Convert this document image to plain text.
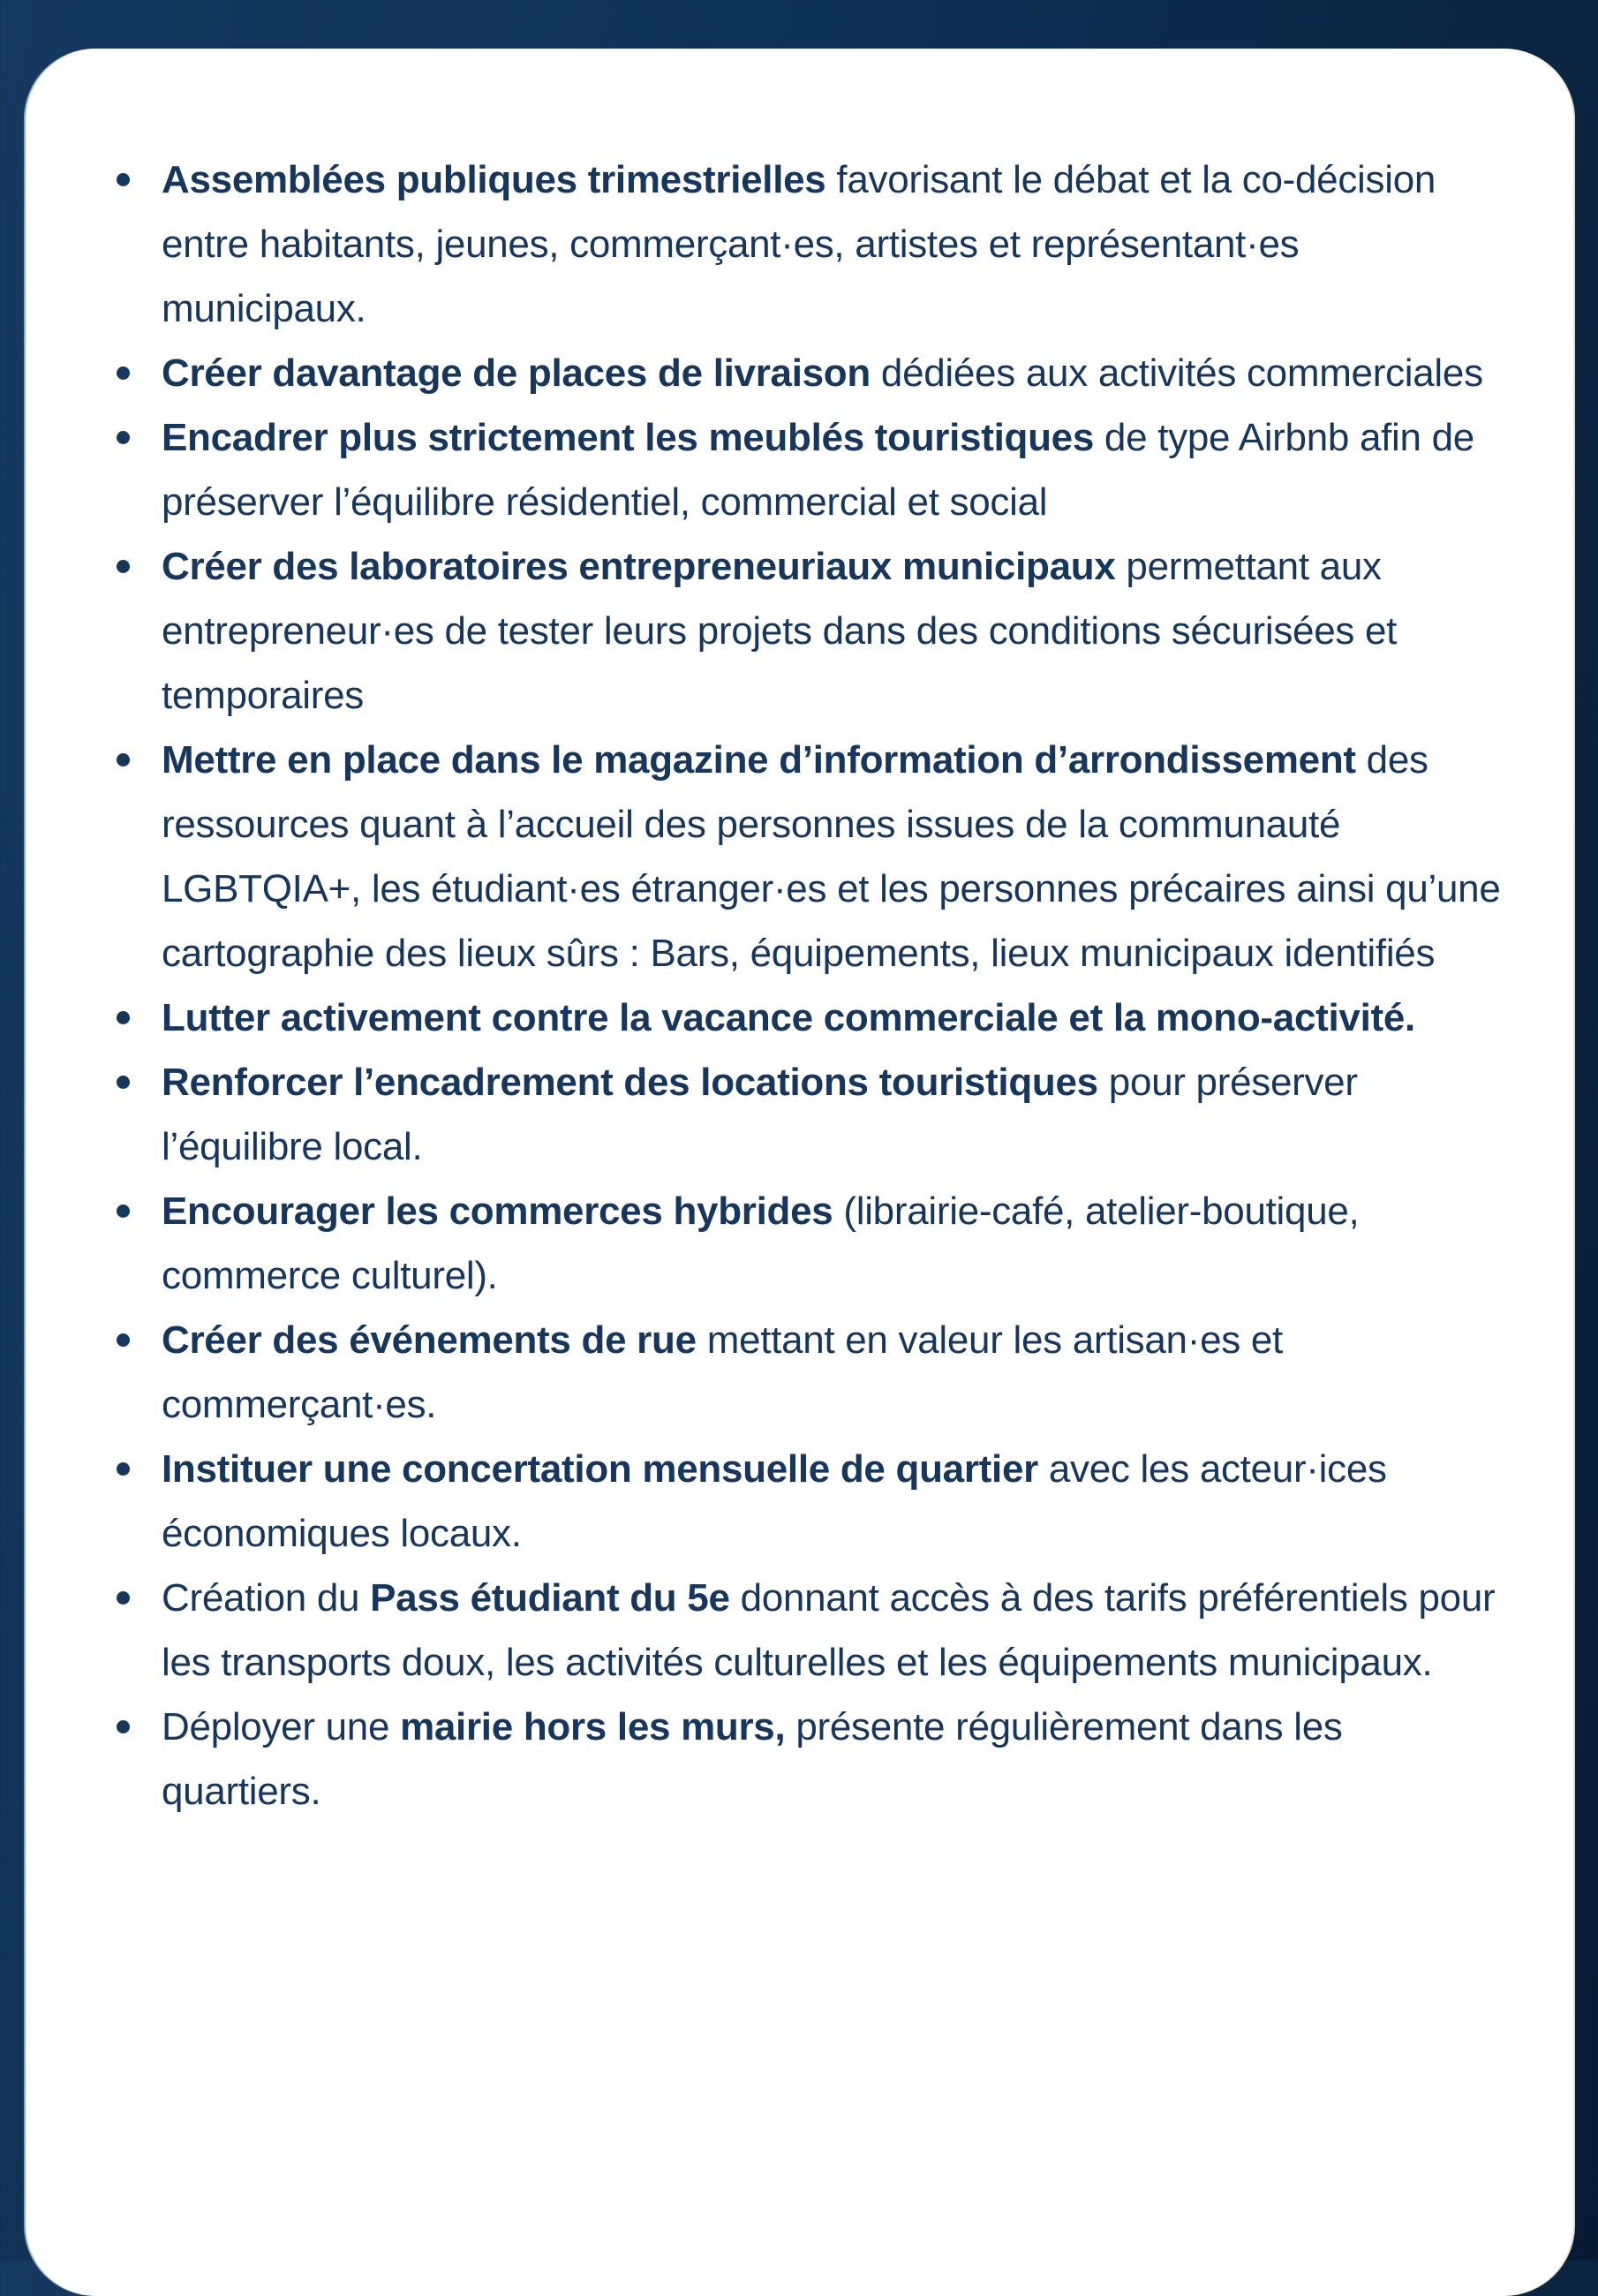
Assemblées publiques trimestrielles favorisant le débat et la co-décision entre habitants, jeunes, commerçant·es, artistes et représentant·es municipaux.
Créer davantage de places de livraison dédiées aux activités commerciales
Encadrer plus strictement les meublés touristiques de type Airbnb afin de préserver l’équilibre résidentiel, commercial et social
Créer des laboratoires entrepreneuriaux municipaux permettant aux entrepreneur·es de tester leurs projets dans des conditions sécurisées et temporaires
Mettre en place dans le magazine d’information d’arrondissement des ressources quant à l’accueil des personnes issues de la communauté LGBTQIA+, les étudiant·es étranger·es et les personnes précaires ainsi qu’une cartographie des lieux sûrs : Bars, équipements, lieux municipaux identifiés
Lutter activement contre la vacance commerciale et la mono-activité.
Renforcer l’encadrement des locations touristiques pour préserver l’équilibre local.
Encourager les commerces hybrides (librairie-café, atelier-boutique, commerce culturel).
Créer des événements de rue mettant en valeur les artisan·es et commerçant·es.
Instituer une concertation mensuelle de quartier avec les acteur·ices économiques locaux.
Création du Pass étudiant du 5e donnant accès à des tarifs préférentiels pour les transports doux, les activités culturelles et les équipements municipaux.
Déployer une mairie hors les murs, présente régulièrement dans les quartiers.
